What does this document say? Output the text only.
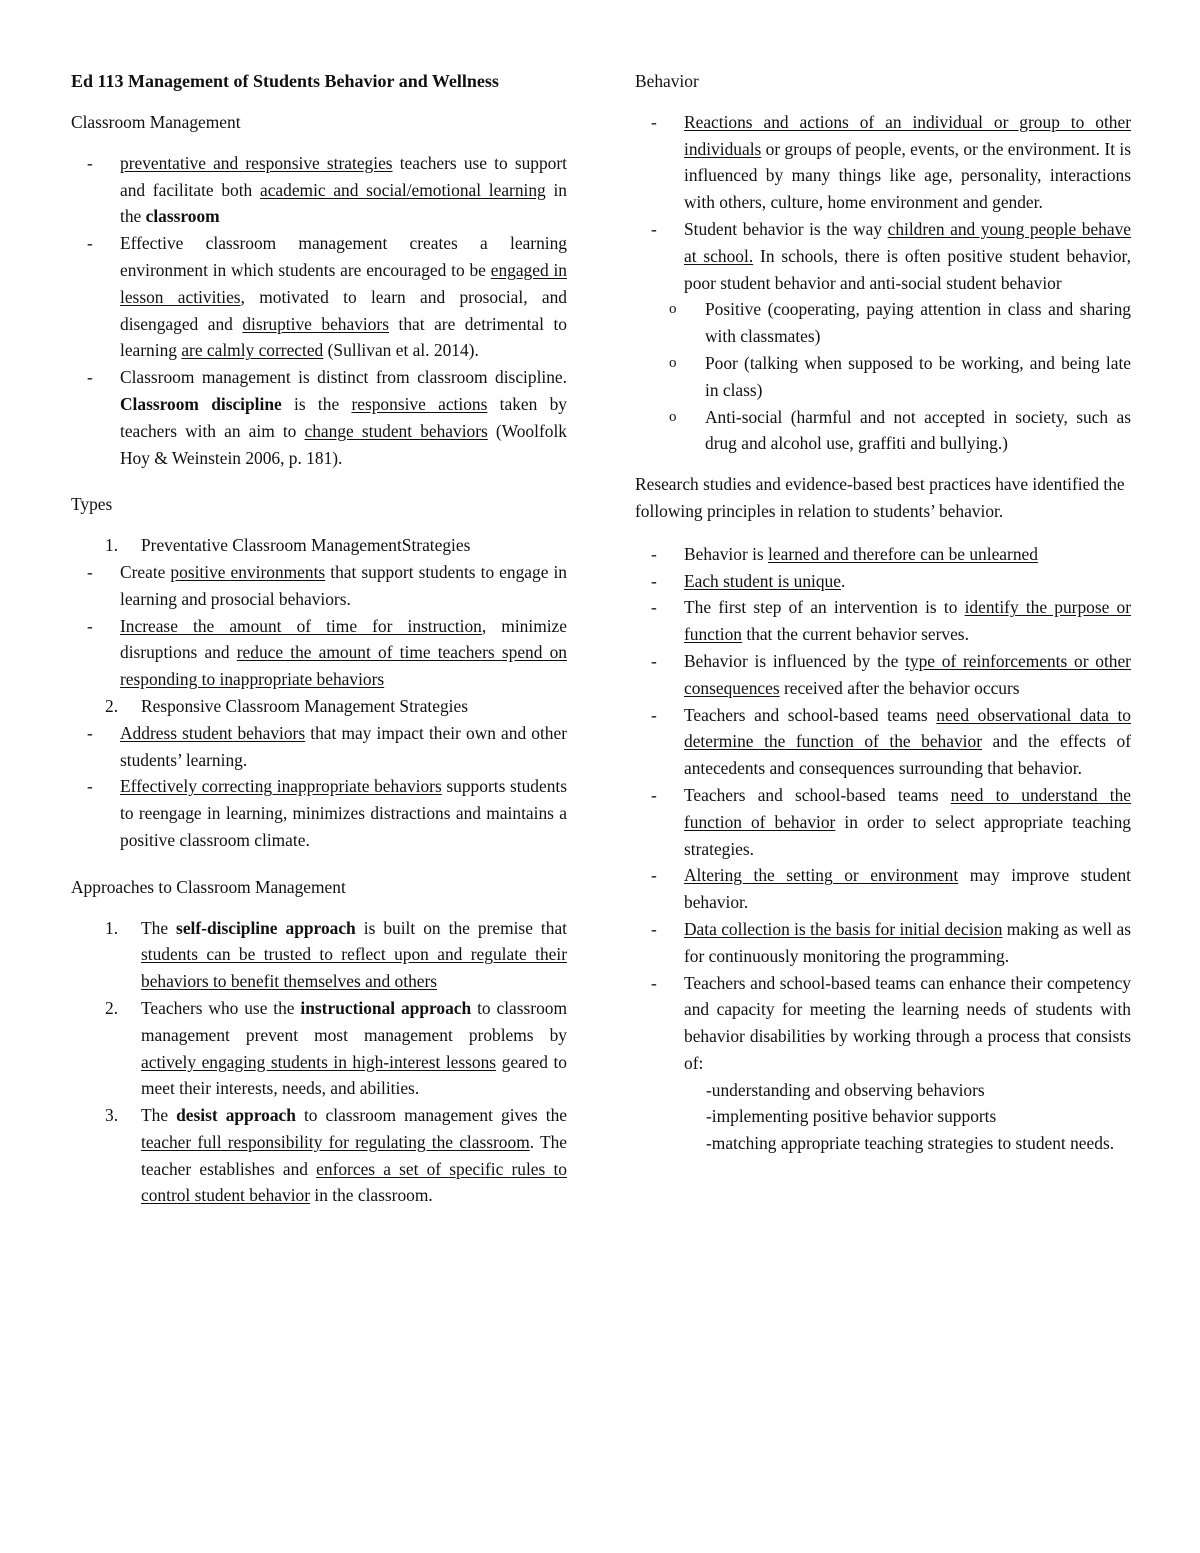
Ed 113 Management of Students Behavior and Wellness

Classroom Management

- preventative and responsive strategies teachers use to support and facilitate both academic and social/emotional learning in the classroom
- Effective classroom management creates a learning environment in which students are encouraged to be engaged in lesson activities, motivated to learn and prosocial, and disengaged and disruptive behaviors that are detrimental to learning are calmly corrected (Sullivan et al. 2014).
- Classroom management is distinct from classroom discipline. Classroom discipline is the responsive actions taken by teachers with an aim to change student behaviors (Woolfolk Hoy & Weinstein 2006, p. 181).

Types

1. Preventative Classroom ManagementStrategies
- Create positive environments that support students to engage in learning and prosocial behaviors.
- Increase the amount of time for instruction, minimize disruptions and reduce the amount of time teachers spend on responding to inappropriate behaviors
2. Responsive Classroom Management Strategies
- Address student behaviors that may impact their own and other students’ learning.
- Effectively correcting inappropriate behaviors supports students to reengage in learning, minimizes distractions and maintains a positive classroom climate.

Approaches to Classroom Management

1. The self-discipline approach is built on the premise that students can be trusted to reflect upon and regulate their behaviors to benefit themselves and others
2. Teachers who use the instructional approach to classroom management prevent most management problems by actively engaging students in high-interest lessons geared to meet their interests, needs, and abilities.
3. The desist approach to classroom management gives the teacher full responsibility for regulating the classroom. The teacher establishes and enforces a set of specific rules to control student behavior in the classroom.

Behavior

- Reactions and actions of an individual or group to other individuals or groups of people, events, or the environment. It is influenced by many things like age, personality, interactions with others, culture, home environment and gender.
- Student behavior is the way children and young people behave at school. In schools, there is often positive student behavior, poor student behavior and anti-social student behavior
o Positive (cooperating, paying attention in class and sharing with classmates)
o Poor (talking when supposed to be working, and being late in class)
o Anti-social (harmful and not accepted in society, such as drug and alcohol use, graffiti and bullying.)

Research studies and evidence-based best practices have identified the following principles in relation to students’ behavior.

- Behavior is learned and therefore can be unlearned
- Each student is unique.
- The first step of an intervention is to identify the purpose or function that the current behavior serves.
- Behavior is influenced by the type of reinforcements or other consequences received after the behavior occurs
- Teachers and school-based teams need observational data to determine the function of the behavior and the effects of antecedents and consequences surrounding that behavior.
- Teachers and school-based teams need to understand the function of behavior in order to select appropriate teaching strategies.
- Altering the setting or environment may improve student behavior.
- Data collection is the basis for initial decision making as well as for continuously monitoring the programming.
- Teachers and school-based teams can enhance their competency and capacity for meeting the learning needs of students with behavior disabilities by working through a process that consists of:
-understanding and observing behaviors
-implementing positive behavior supports
-matching appropriate teaching strategies to student needs.
